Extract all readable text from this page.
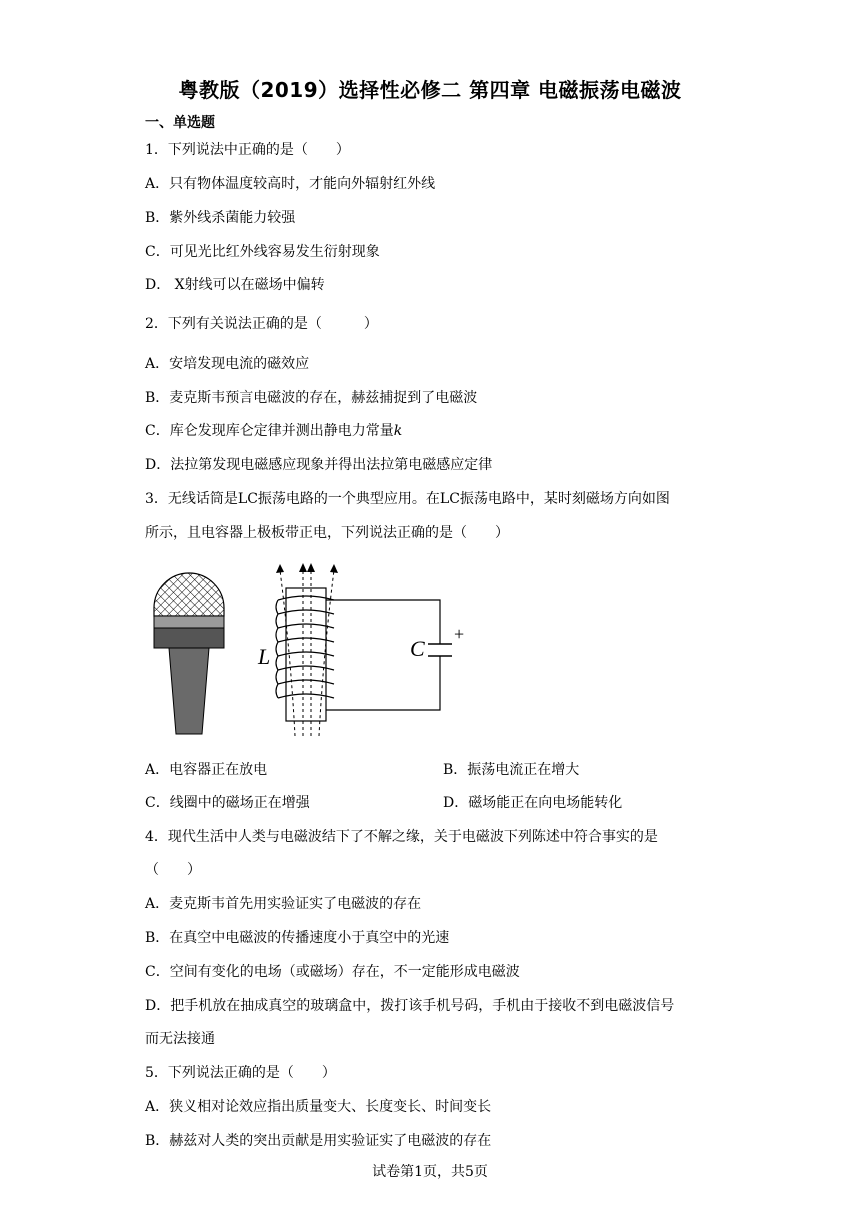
粤教版（2019）选择性必修二 第四章 电磁振荡电磁波
一、单选题
1．下列说法中正确的是（　　）
A．只有物体温度较高时，才能向外辐射红外线
B．紫外线杀菌能力较强
C．可见光比红外线容易发生衍射现象
D． X射线可以在磁场中偏转
2．下列有关说法正确的是（　　　）
A．安培发现电流的磁效应
B．麦克斯韦预言电磁波的存在，赫兹捕捉到了电磁波
C．库仑发现库仑定律并测出静电力常量k
D．法拉第发现电磁感应现象并得出法拉第电磁感应定律
3．无线话筒是LC振荡电路的一个典型应用。在LC振荡电路中，某时刻磁场方向如图
所示，且电容器上极板带正电，下列说法正确的是（　　）
L	C
+
A．电容器正在放电	B．振荡电流正在增大
C．线圈中的磁场正在增强	D．磁场能正在向电场能转化
4．现代生活中人类与电磁波结下了不解之缘，关于电磁波下列陈述中符合事实的是
（　　）
A．麦克斯韦首先用实验证实了电磁波的存在
B．在真空中电磁波的传播速度小于真空中的光速
C．空间有变化的电场（或磁场）存在，不一定能形成电磁波
D．把手机放在抽成真空的玻璃盒中，拨打该手机号码，手机由于接收不到电磁波信号
而无法接通
5．下列说法正确的是（　　）
A．狭义相对论效应指出质量变大、长度变长、时间变长
B．赫兹对人类的突出贡献是用实验证实了电磁波的存在
试卷第1页，共5页
